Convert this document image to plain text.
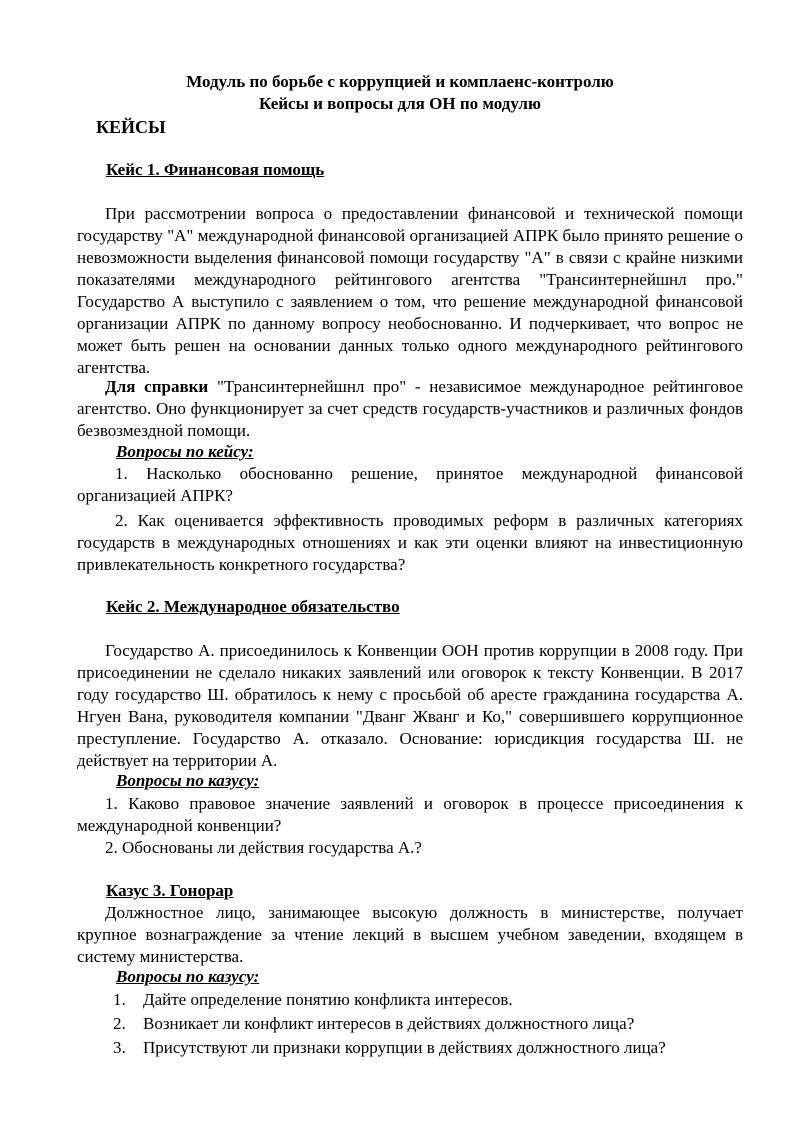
Модуль по борьбе с коррупцией и комплаенс-контролю
Кейсы и вопросы для ОН по модулю
КЕЙСЫ
Кейс 1. Финансовая помощь
При рассмотрении вопроса о предоставлении финансовой и технической помощи государству "А" международной финансовой организацией АПРК было принято решение о невозможности выделения финансовой помощи государству "А" в связи с крайне низкими показателями международного рейтингового агентства "Трансинтернейшнл про." Государство А выступило с заявлением о том, что решение международной финансовой организации АПРК по данному вопросу необоснованно. И подчеркивает, что вопрос не может быть решен на основании данных только одного международного рейтингового агентства.
Для справки "Трансинтернейшнл про" - независимое международное рейтинговое агентство. Оно функционирует за счет средств государств-участников и различных фондов безвозмездной помощи.
Вопросы по кейсу:
1. Насколько обоснованно решение, принятое международной финансовой организацией АПРК?
2. Как оценивается эффективность проводимых реформ в различных категориях государств в международных отношениях и как эти оценки влияют на инвестиционную привлекательность конкретного государства?
Кейс 2. Международное обязательство
Государство А. присоединилось к Конвенции ООН против коррупции в 2008 году. При присоединении не сделало никаких заявлений или оговорок к тексту Конвенции. В 2017 году государство Ш. обратилось к нему с просьбой об аресте гражданина государства А. Нгуен Вана, руководителя компании "Дванг Жванг и Ко," совершившего коррупционное преступление. Государство А. отказало. Основание: юрисдикция государства Ш. не действует на территории А.
Вопросы по казусу:
1. Каково правовое значение заявлений и оговорок в процессе присоединения к международной конвенции?
2. Обоснованы ли действия государства А.?
Казус 3. Гонорар
Должностное лицо, занимающее высокую должность в министерстве, получает крупное вознаграждение за чтение лекций в высшем учебном заведении, входящем в систему министерства.
Вопросы по казусу:
1. Дайте определение понятию конфликта интересов.
2. Возникает ли конфликт интересов в действиях должностного лица?
3. Присутствуют ли признаки коррупции в действиях должностного лица?
